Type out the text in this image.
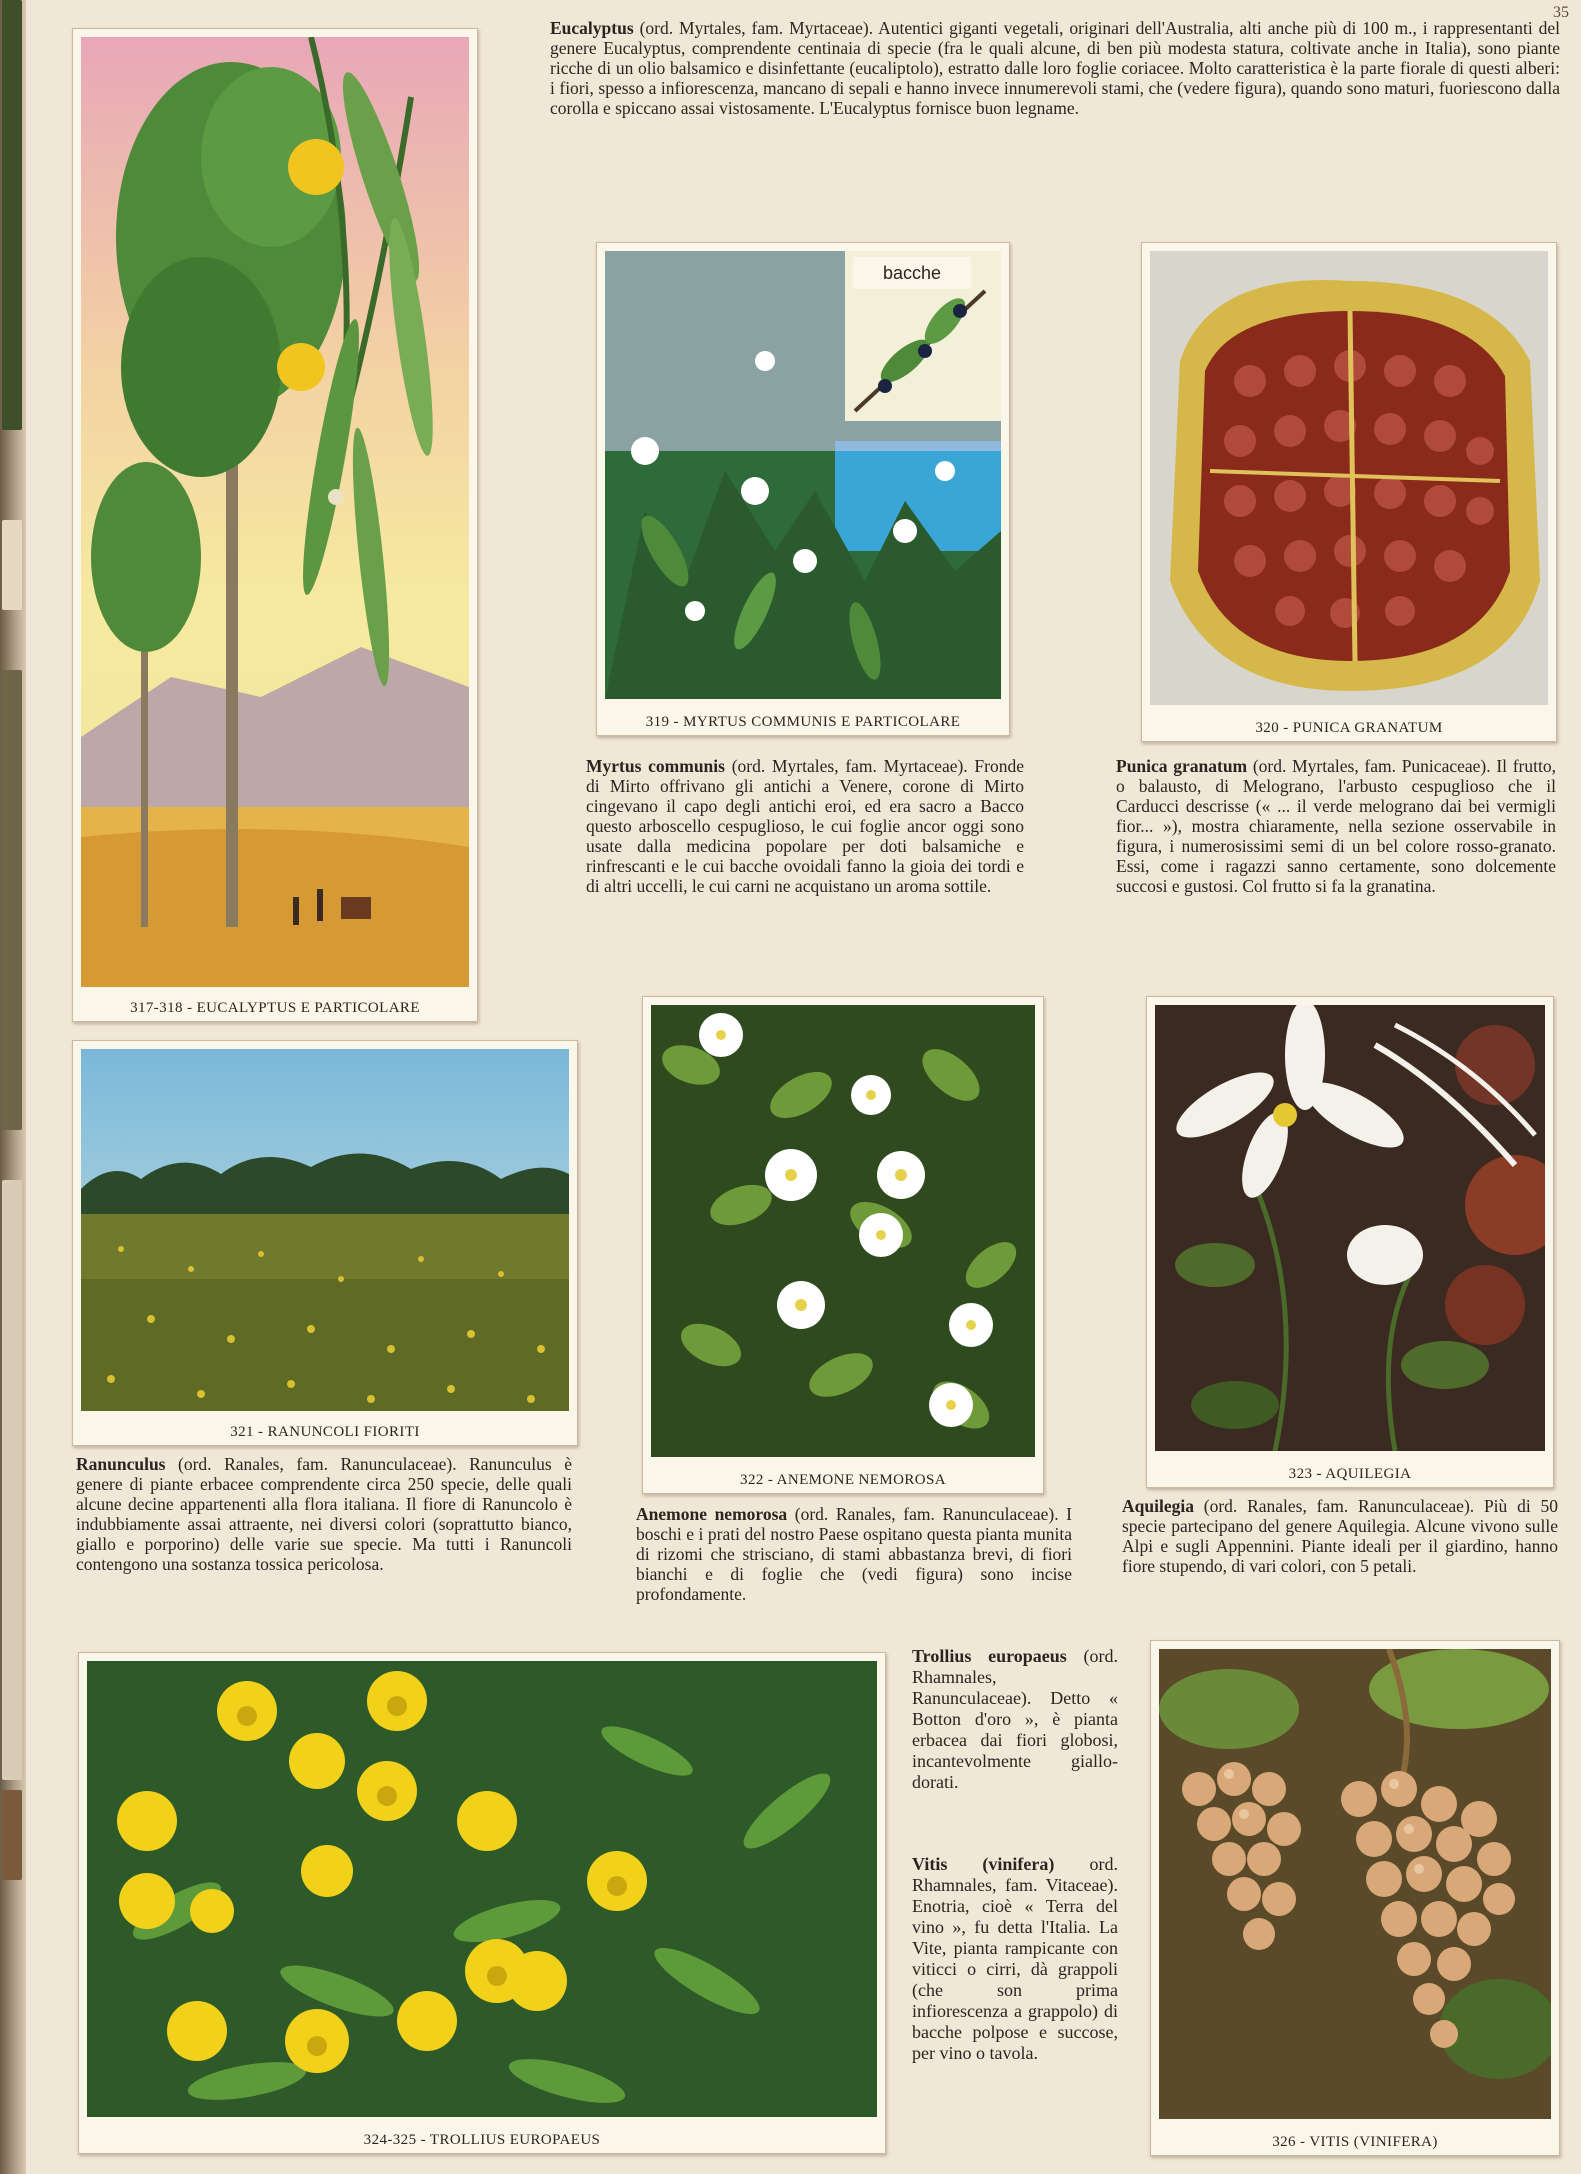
35
317-318 - EUCALYPTUS E PARTICOLARE
Eucalyptus (ord. Myrtales, fam. Myrtaceae). Autentici giganti vegetali, originari dell'Australia, alti anche più di 100 m., i rappresentanti del genere Eucalyptus, comprendente centinaia di specie (fra le quali alcune, di ben più modesta statura, coltivate anche in Italia), sono piante ricche di un olio balsamico e disinfettante (eucaliptolo), estratto dalle loro foglie coriacee. Molto caratteristica è la parte fiorale di questi alberi: i fiori, spesso a infiorescenza, mancano di sepali e hanno invece innumerevoli stami, che (vedere figura), quando sono maturi, fuoriescono dalla corolla e spiccano assai vistosamente. L'Eucalyptus fornisce buon legname.
bacche
319 - MYRTUS COMMUNIS E PARTICOLARE	320 - PUNICA GRANATUM
Myrtus communis (ord. Myrtales, fam. Myrtaceae). Fronde di Mirto offrivano gli antichi a Venere, corone di Mirto cingevano il capo degli antichi eroi, ed era sacro a Bacco questo arboscello cespuglioso, le cui foglie ancor oggi sono usate dalla medicina popolare per doti balsamiche e rinfrescanti e le cui bacche ovoidali fanno la gioia dei tordi e di altri uccelli, le cui carni ne acquistano un aroma sottile.
Punica granatum (ord. Myrtales, fam. Punicaceae). Il frutto, o balausto, di Melograno, l'arbusto cespuglioso che il Carducci descrisse (« ... il verde melograno dai bei vermigli fior... »), mostra chiaramente, nella sezione osservabile in figura, i numerosissimi semi di un bel colore rosso-granato. Essi, come i ragazzi sanno certamente, sono dolcemente succosi e gustosi. Col frutto si fa la granatina.
321 - RANUNCOLI FIORITI
322 - ANEMONE NEMOROSA	323 - AQUILEGIA
Ranunculus (ord. Ranales, fam. Ranunculaceae). Ranunculus è genere di piante erbacee comprendente circa 250 specie, delle quali alcune decine appartenenti alla flora italiana. Il fiore di Ranuncolo è indubbiamente assai attraente, nei diversi colori (soprattutto bianco, giallo e porporino) delle varie sue specie. Ma tutti i Ranuncoli contengono una sostanza tossica pericolosa.
Anemone nemorosa (ord. Ranales, fam. Ranunculaceae). I boschi e i prati del nostro Paese ospitano questa pianta munita di rizomi che strisciano, di stami abbastanza brevi, di fiori bianchi e di foglie che (vedi figura) sono incise profondamente.
Aquilegia (ord. Ranales, fam. Ranunculaceae). Più di 50 specie partecipano del genere Aquilegia. Alcune vivono sulle Alpi e sugli Appennini. Piante ideali per il giardino, hanno fiore stupendo, di vari colori, con 5 petali.
324-325 - TROLLIUS EUROPAEUS
Trollius europaeus (ord. Rhamnales, Ranunculaceae). Detto « Botton d'oro », è pianta erbacea dai fiori globosi, incantevolmente giallo-dorati.
Vitis (vinifera) ord. Rhamnales, fam. Vitaceae). Enotria, cioè « Terra del vino », fu detta l'Italia. La Vite, pianta rampicante con viticci o cirri, dà grappoli (che son prima infiorescenza a grappolo) di bacche polpose e succose, per vino o tavola.
326 - VITIS (VINIFERA)
